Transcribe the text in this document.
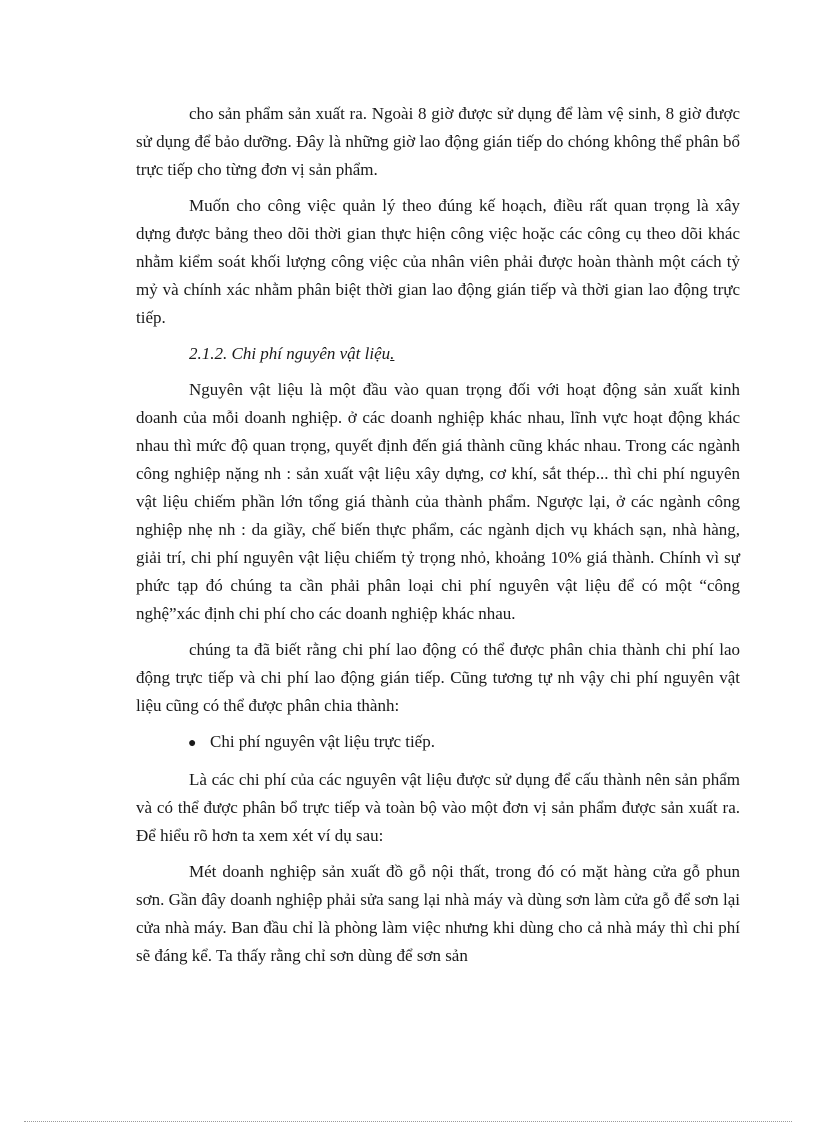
cho sản phẩm sản xuất ra. Ngoài 8 giờ được sử dụng để làm vệ sinh, 8 giờ được sử dụng để bảo dưỡng. Đây là những giờ lao động gián tiếp do chóng không thể phân bổ trực tiếp cho từng đơn vị sản phẩm.

Muốn cho công việc quản lý theo đúng kế hoạch, điều rất quan trọng là xây dựng được bảng theo dõi thời gian thực hiện công việc hoặc các công cụ theo dõi khác nhằm kiểm soát khối lượng công việc của nhân viên phải được hoàn thành một cách tỷ mỷ và chính xác nhằm phân biệt thời gian lao động gián tiếp và thời gian lao động trực tiếp.

2.1.2. Chi phí nguyên vật liệu.

Nguyên vật liệu là một đầu vào quan trọng đối với hoạt động sản xuất kinh doanh của mỗi doanh nghiệp. ở các doanh nghiệp khác nhau, lĩnh vực hoạt động khác nhau thì mức độ quan trọng, quyết định đến giá thành cũng khác nhau. Trong các ngành công nghiệp nặng nh : sản xuất vật liệu xây dựng, cơ khí, sắt thép... thì chi phí nguyên vật liệu chiếm phần lớn tổng giá thành của thành phẩm. Ngược lại, ở các ngành công nghiệp nhẹ nh : da giầy, chế biến thực phẩm, các ngành dịch vụ khách sạn, nhà hàng, giải trí, chi phí nguyên vật liệu chiếm tỷ trọng nhỏ, khoảng 10% giá thành. Chính vì sự phức tạp đó chúng ta cần phải phân loại chi phí nguyên vật liệu để có một “công nghệ”xác định chi phí cho các doanh nghiệp khác nhau.

chúng ta đã biết rằng chi phí lao động có thể được phân chia thành chi phí lao động trực tiếp và chi phí lao động gián tiếp. Cũng tương tự nh vậy chi phí nguyên vật liệu cũng có thể được phân chia thành:

● Chi phí nguyên vật liệu trực tiếp.

Là các chi phí của các nguyên vật liệu được sử dụng để cấu thành nên sản phẩm và có thể được phân bổ trực tiếp và toàn bộ vào một đơn vị sản phẩm được sản xuất ra. Để hiểu rõ hơn ta xem xét ví dụ sau:

Mét doanh nghiệp sản xuất đồ gỗ nội thất, trong đó có mặt hàng cửa gỗ phun sơn. Gần đây doanh nghiệp phải sửa sang lại nhà máy và dùng sơn làm cửa gỗ để sơn lại cửa nhà máy. Ban đầu chỉ là phòng làm việc nhưng khi dùng cho cả nhà máy thì chi phí sẽ đáng kể. Ta thấy rằng chỉ sơn dùng để sơn sản
